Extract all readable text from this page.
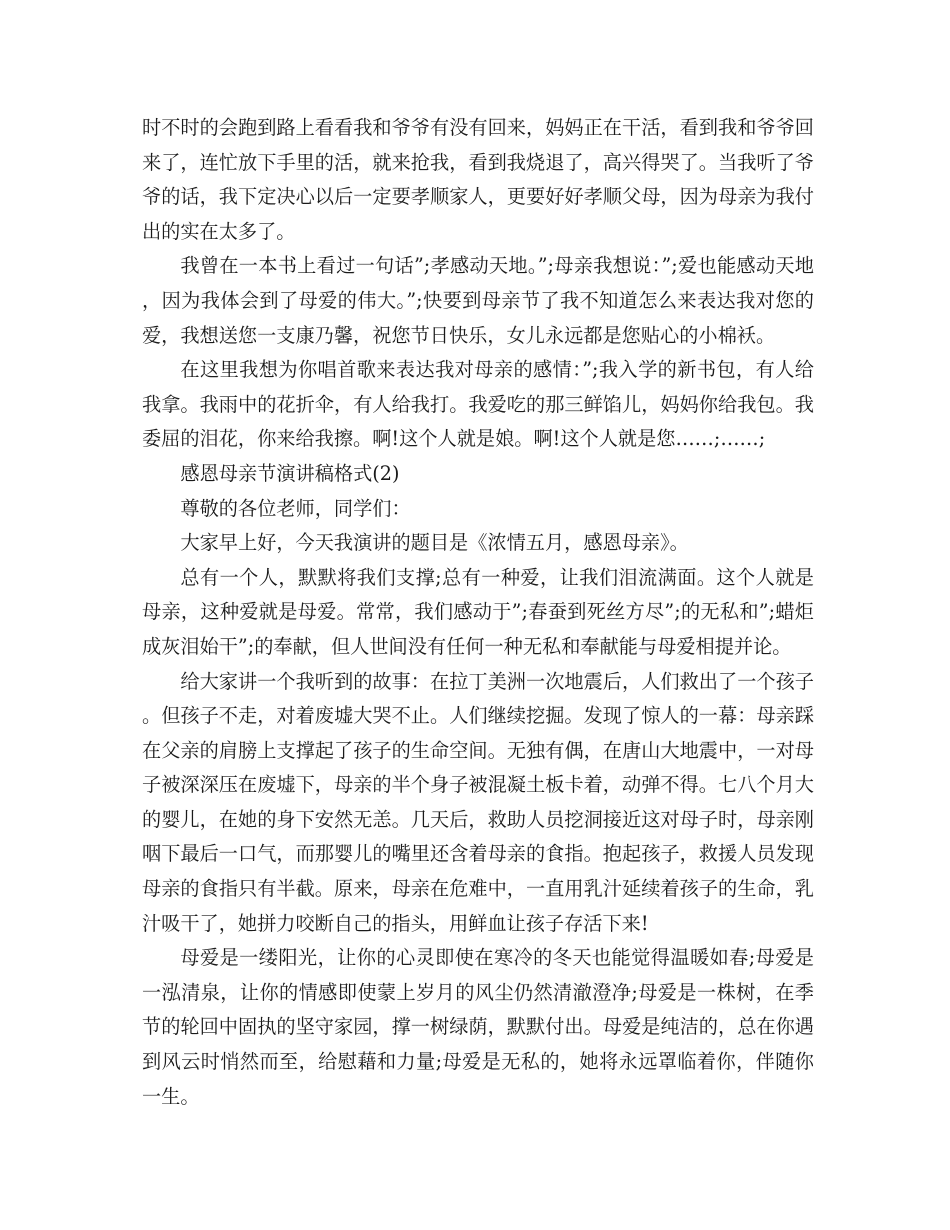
时不时的会跑到路上看看我和爷爷有没有回来，妈妈正在干活，看到我和爷爷回来了，连忙放下手里的活，就来抢我，看到我烧退了，高兴得哭了。当我听了爷爷的话，我下定决心以后一定要孝顺家人，更要好好孝顺父母，因为母亲为我付出的实在太多了。

我曾在一本书上看过一句话”;孝感动天地。”;母亲我想说：”;爱也能感动天地，因为我体会到了母爱的伟大。”;快要到母亲节了我不知道怎么来表达我对您的爱，我想送您一支康乃馨，祝您节日快乐，女儿永远都是您贴心的小棉袄。

在这里我想为你唱首歌来表达我对母亲的感情：”;我入学的新书包，有人给我拿。我雨中的花折伞，有人给我打。我爱吃的那三鲜馅儿，妈妈你给我包。我委屈的泪花，你来给我擦。啊!这个人就是娘。啊!这个人就是您……;……;

感恩母亲节演讲稿格式(2)

尊敬的各位老师，同学们：

大家早上好，今天我演讲的题目是《浓情五月，感恩母亲》。

总有一个人，默默将我们支撑;总有一种爱，让我们泪流满面。这个人就是母亲，这种爱就是母爱。常常，我们感动于”;春蚕到死丝方尽”;的无私和”;蜡炬成灰泪始干”;的奉献，但人世间没有任何一种无私和奉献能与母爱相提并论。

给大家讲一个我听到的故事：在拉丁美洲一次地震后，人们救出了一个孩子。但孩子不走，对着废墟大哭不止。人们继续挖掘。发现了惊人的一幕：母亲踩在父亲的肩膀上支撑起了孩子的生命空间。无独有偶，在唐山大地震中，一对母子被深深压在废墟下，母亲的半个身子被混凝土板卡着，动弹不得。七八个月大的婴儿，在她的身下安然无恙。几天后，救助人员挖洞接近这对母子时，母亲刚咽下最后一口气，而那婴儿的嘴里还含着母亲的食指。抱起孩子，救援人员发现母亲的食指只有半截。原来，母亲在危难中，一直用乳汁延续着孩子的生命，乳汁吸干了，她拼力咬断自己的指头，用鲜血让孩子存活下来!

母爱是一缕阳光，让你的心灵即使在寒冷的冬天也能觉得温暖如春;母爱是一泓清泉，让你的情感即使蒙上岁月的风尘仍然清澈澄净;母爱是一株树，在季节的轮回中固执的坚守家园，撑一树绿荫，默默付出。母爱是纯洁的，总在你遇到风云时悄然而至，给慰藉和力量;母爱是无私的，她将永远罩临着你，伴随你一生。
